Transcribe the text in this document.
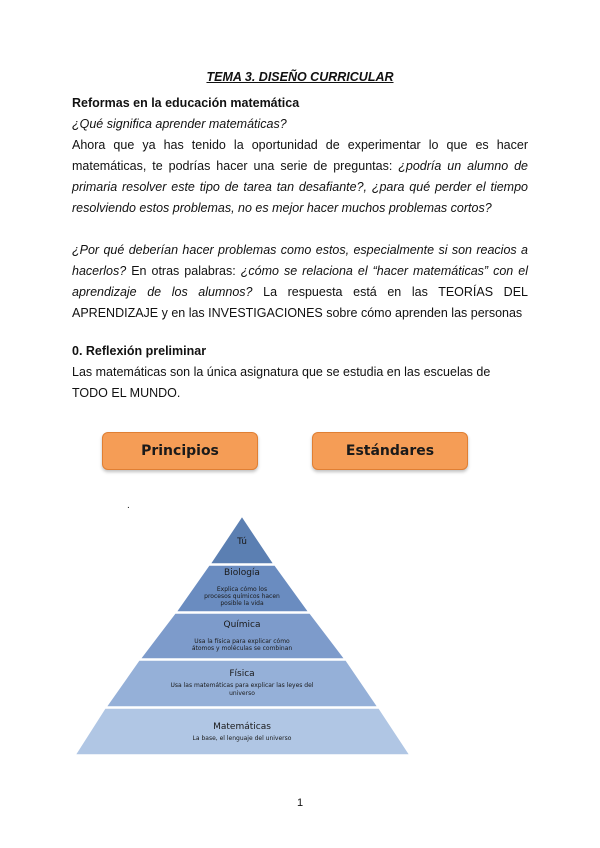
TEMA 3. DISEÑO CURRICULAR
Reformas en la educación matemática
¿Qué significa aprender matemáticas?
Ahora que ya has tenido la oportunidad de experimentar lo que es hacer matemáticas, te podrías hacer una serie de preguntas: ¿podría un alumno de primaria resolver este tipo de tarea tan desafiante?, ¿para qué perder el tiempo resolviendo estos problemas, no es mejor hacer muchos problemas cortos?
¿Por qué deberían hacer problemas como estos, especialmente si son reacios a hacerlos? En otras palabras: ¿cómo se relaciona el “hacer matemáticas” con el aprendizaje de los alumnos? La respuesta está en las TEORÍAS DEL APRENDIZAJE y en las INVESTIGACIONES sobre cómo aprenden las personas
0. Reflexión preliminar
Las matemáticas son la única asignatura que se estudia en las escuelas de TODO EL MUNDO.
Principios	Estándares
.
Tú
Biología
Explica cómo los
procesos químicos hacen
posible la vida
Química
Usa la física para explicar cómo
átomos y moléculas se combinan
Física
Usa las matemáticas para explicar las leyes del
universo
Matemáticas
La base, el lenguaje del universo
1
